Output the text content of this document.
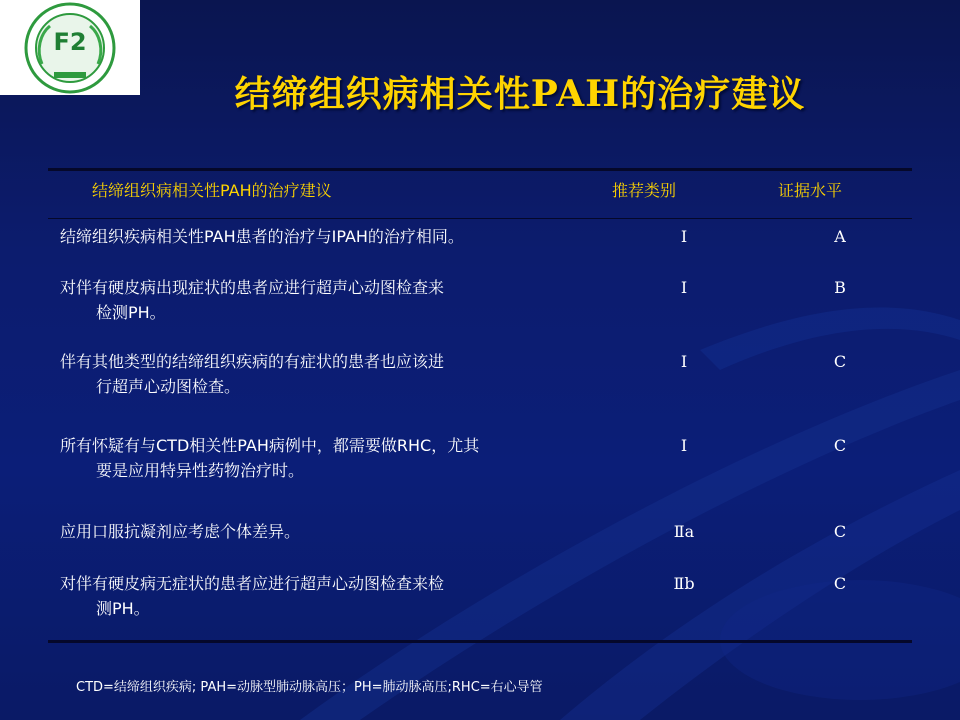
F2
结缔组织病相关性PAH的治疗建议
结缔组织病相关性PAH的治疗建议	推荐类别	证据水平
结缔组织疾病相关性PAH患者的治疗与IPAH的治疗相同。	Ⅰ	A
对伴有硬皮病出现症状的患者应进行超声心动图检查来
检测PH。
Ⅰ	B
伴有其他类型的结缔组织疾病的有症状的患者也应该进
行超声心动图检查。
Ⅰ	C
所有怀疑有与CTD相关性PAH病例中，都需要做RHC，尤其
要是应用特异性药物治疗时。
Ⅰ	C
应用口服抗凝剂应考虑个体差异。	Ⅱa	C
对伴有硬皮病无症状的患者应进行超声心动图检查来检
测PH。
Ⅱb	C
CTD=结缔组织疾病; PAH=动脉型肺动脉高压；PH=肺动脉高压;RHC=右心导管
